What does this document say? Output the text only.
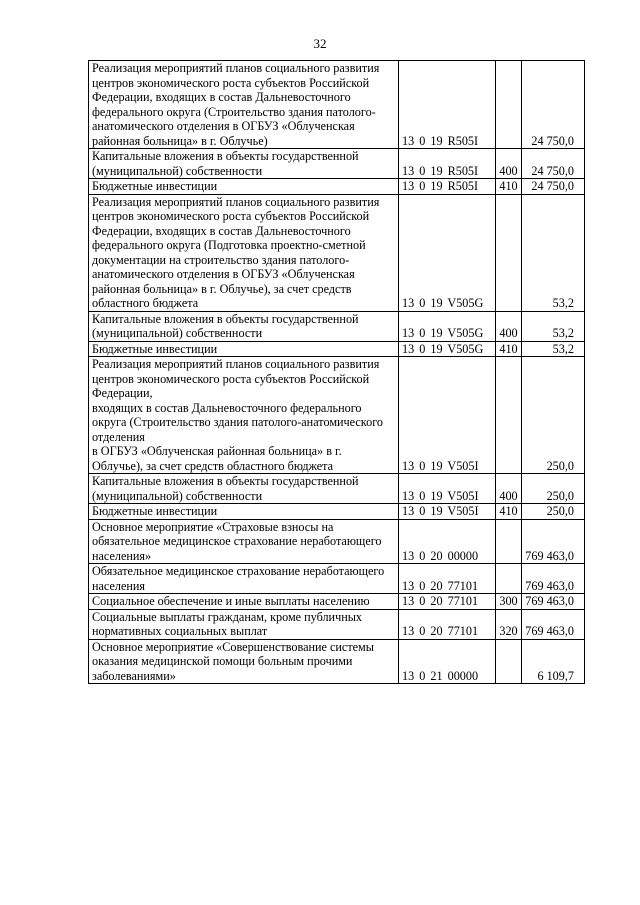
32
Реализация мероприятий планов социального развития центров экономического роста субъектов Российской Федерации, входящих в состав Дальневосточного федерального округа (Строительство здания патолого-анатомического отделения в ОГБУЗ «Облученская районная больница» в г. Облучье)	13 0 19 R505I		24 750,0
Капитальные вложения в объекты государственной (муниципальной) собственности	13 0 19 R505I	400	24 750,0
Бюджетные инвестиции	13 0 19 R505I	410	24 750,0
Реализация мероприятий планов социального развития центров экономического роста субъектов Российской Федерации, входящих в состав Дальневосточного федерального округа (Подготовка проектно-сметной документации на строительство здания патолого-анатомического отделения в ОГБУЗ «Облученская районная больница» в г. Облучье), за счет средств областного бюджета	13 0 19 V505G		53,2
Капитальные вложения в объекты государственной (муниципальной) собственности	13 0 19 V505G	400	53,2
Бюджетные инвестиции	13 0 19 V505G	410	53,2
Реализация мероприятий планов социального развития центров экономического роста субъектов Российской Федерации,
входящих в состав Дальневосточного федерального округа (Строительство здания патолого-анатомического отделения
в ОГБУЗ «Облученская районная больница» в г. Облучье), за счет средств областного бюджета	13 0 19 V505I		250,0
Капитальные вложения в объекты государственной (муниципальной) собственности	13 0 19 V505I	400	250,0
Бюджетные инвестиции	13 0 19 V505I	410	250,0
Основное мероприятие «Страховые взносы на обязательное медицинское страхование неработающего населения»	13 0 20 00000		769 463,0
Обязательное медицинское страхование неработающего населения	13 0 20 77101		769 463,0
Социальное обеспечение и иные выплаты населению	13 0 20 77101	300	769 463,0
Социальные выплаты гражданам, кроме публичных нормативных социальных выплат	13 0 20 77101	320	769 463,0
Основное мероприятие «Совершенствование системы оказания медицинской помощи больным прочими заболеваниями»	13 0 21 00000		6 109,7
